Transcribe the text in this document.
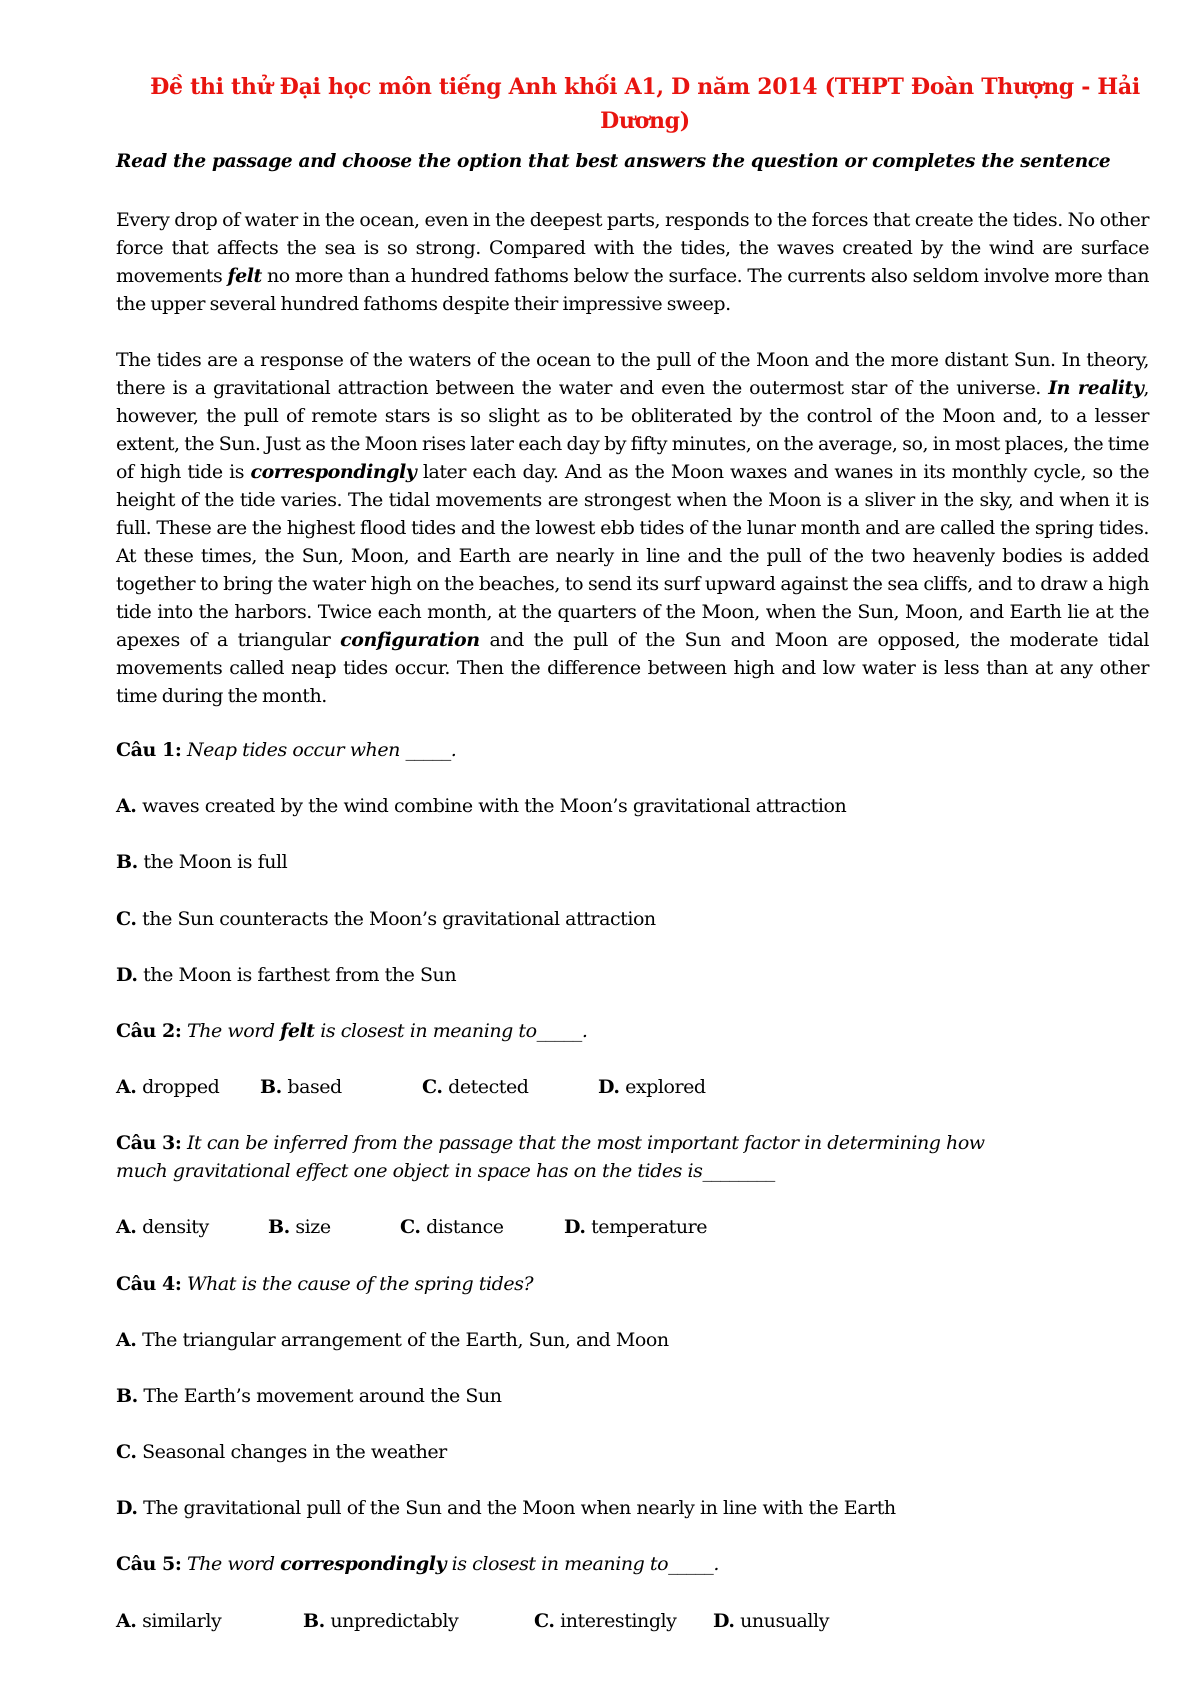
Đề thi thử Đại học môn tiếng Anh khối A1, D năm 2014 (THPT Đoàn Thượng - Hải Dương)
Read the passage and choose the option that best answers the question or completes the sentence
Every drop of water in the ocean, even in the deepest parts, responds to the forces that create the tides. No other force that affects the sea is so strong. Compared with the tides, the waves created by the wind are surface movements felt no more than a hundred fathoms below the surface. The currents also seldom involve more than the upper several hundred fathoms despite their impressive sweep.
The tides are a response of the waters of the ocean to the pull of the Moon and the more distant Sun. In theory, there is a gravitational attraction between the water and even the outermost star of the universe. In reality, however, the pull of remote stars is so slight as to be obliterated by the control of the Moon and, to a lesser extent, the Sun. Just as the Moon rises later each day by fifty minutes, on the average, so, in most places, the time of high tide is correspondingly later each day. And as the Moon waxes and wanes in its monthly cycle, so the height of the tide varies. The tidal movements are strongest when the Moon is a sliver in the sky, and when it is full. These are the highest flood tides and the lowest ebb tides of the lunar month and are called the spring tides. At these times, the Sun, Moon, and Earth are nearly in line and the pull of the two heavenly bodies is added together to bring the water high on the beaches, to send its surf upward against the sea cliffs, and to draw a high tide into the harbors. Twice each month, at the quarters of the Moon, when the Sun, Moon, and Earth lie at the apexes of a triangular configuration and the pull of the Sun and Moon are opposed, the moderate tidal movements called neap tides occur. Then the difference between high and low water is less than at any other time during the month.
Câu 1: Neap tides occur when _____.
A. waves created by the wind combine with the Moon’s gravitational attraction
B. the Moon is full
C. the Sun counteracts the Moon’s gravitational attraction
D. the Moon is farthest from the Sun
Câu 2: The word felt is closest in meaning to_____.
A. dropped B. based	C. detected	D. explored
Câu 3: It can be inferred from the passage that the most important factor in determining how
much gravitational effect one object in space has on the tides is________
A. density	B. size	C. distance	D. temperature
Câu 4: What is the cause of the spring tides?
A. The triangular arrangement of the Earth, Sun, and Moon
B. The Earth’s movement around the Sun
C. Seasonal changes in the weather
D. The gravitational pull of the Sun and the Moon when nearly in line with the Earth
Câu 5: The word correspondingly is closest in meaning to_____.
A. similarly	B. unpredictably	C. interestingly D. unusually
